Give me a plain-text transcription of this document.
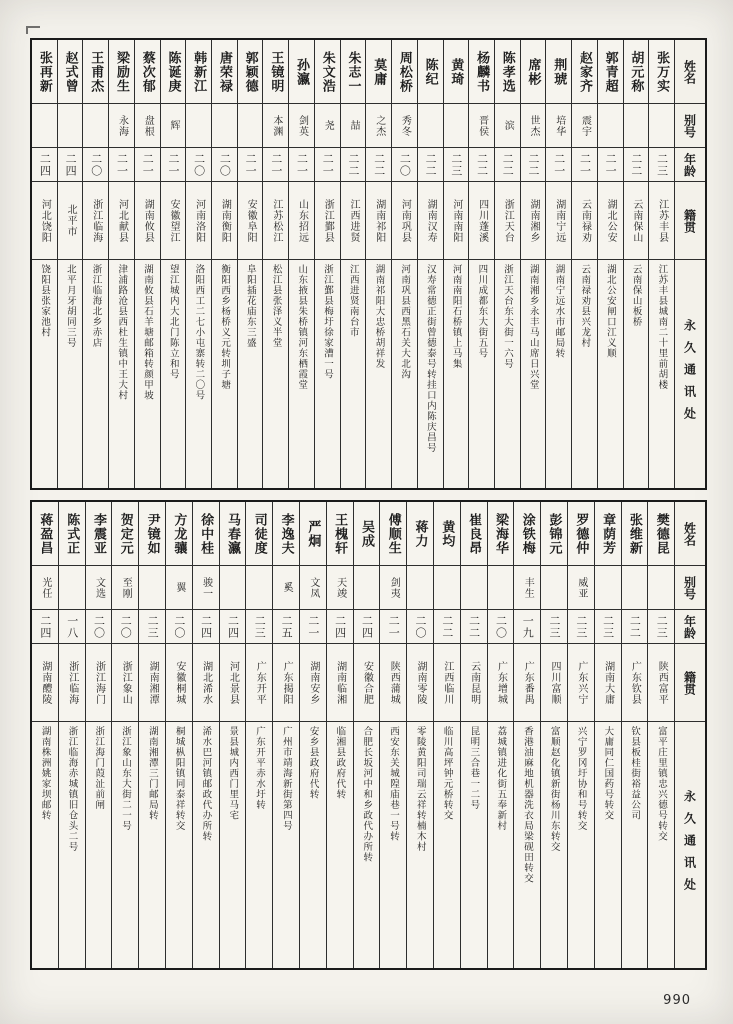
张再新
二四
河北饶阳
饶阳县张家池村
赵式曾
二四
北平市
北平月牙胡同三号
王甫杰
二〇
浙江临海
浙江临海北乡赤店
梁励生
永海
二一
河北献县
津浦路沧县西杜生镇中王大村
蔡次郁
盘根
二一
湖南攸县
湖南攸县石羊塘邮箱转颜甲坡
陈诞庚
辉
二一
安徽望江
望江城内大北门陈立和号
韩新江
二〇
河南洛阳
洛阳西工二七小屯寨转二〇号
唐荣禄
二〇
湖南衡阳
衡阳西乡杨桥义元转圳子塘
郭颖德
二一
安徽阜阳
阜阳插花庙东三盛
王镜明
本渊
二一
江苏松江
松江县张泽义半堂
孙瀛
剑英
二一
山东招远
山东掖县朱桥镇河东栖霞堂
朱文浩
尧
二一
浙江鄞县
浙江鄞县梅圩徐家漕一号
朱志一
喆
二二
江西进贤
江西进贤南台市
莫庸
之杰
二二
湖南祁阳
湖南祁阳大忠桥胡祥发
周松桥
秀冬
二〇
河南巩县
河南巩县西黑石关大北沟
陈纪
二二
湖南汉寿
汉寿常德正街曾德泰号转挂口内陈庆昌号
黄琦
二三
河南南阳
河南南阳石桥镇上马集
杨麟书
晋侯
二二
四川蓬溪
四川成都东大街五号
陈孝选
滨
二二
浙江天台
浙江天台东大街一六号
席彬
世杰
二二
湖南湘乡
湖南湘乡永丰马山席日兴堂
荆琥
培华
二一
湖南宁远
湖南宁远水市邮局转
赵家齐
震宇
二一
云南禄劝
云南禄劝县兴龙村
郭青超
二一
湖北公安
湖北公安闸口江义顺
胡元称
二二
云南保山
云南保山板桥
张万实
二三
江苏丰县
江苏丰县城南二十里前胡楼
姓名
别号
年龄
籍贯
永久通讯处
蒋盈昌
光任
二四
湖南醴陵
湖南株洲姚家坝邮转
陈式正
一八
浙江临海
浙江临海赤城镇旧仓头二号
李震亚
文选
二〇
浙江海门
浙江海门葭沚前闸
贺定元
至刚
二〇
浙江象山
浙江象山东大街二一号
尹镜如
二三
湖南湘潭
湖南湘潭三门邮局转
方龙骧
翼
二〇
安徽桐城
桐城枞阳镇同泰祥转交
徐中桂
骏一
二四
湖北浠水
浠水巴河镇邮政代办所转
马春瀛
二四
河北景县
景县城内西门里马宅
司徒度
二三
广东开平
广东开平赤水圩转
李逸夫
奚
二五
广东揭阳
广州市靖海新街第四号
严炯
文凤
二一
湖南安乡
安乡县政府代转
王槐轩
天竣
二四
湖南临湘
临湘县政府代转
吴成
二四
安徽合肥
合肥长坂河中和乡政代办所转
傅顺生
剑夷
二一
陕西蒲城
西安东关城隍庙巷一号转
蒋力
二〇
湖南零陵
零陵黄阳司瑞云祥转楠木村
黄均
二二
江西临川
临川高坪钟元桥转交
崔良昂
二二
云南昆明
昆明三合巷一二号
梁海华
二〇
广东增城
荔城镇进化街五奉新村
涂铁梅
丰生
一九
广东番禺
香港油麻地机器洗衣局梁砚田转交
彭锦元
二三
四川富顺
富顺赵化镇新街杨川东转交
罗德仲
威亚
二三
广东兴宁
兴宁罗冈圩协和号转交
章荫芳
二三
湖南大庸
大庸同仁国药号转交
张维新
二二
广东钦县
钦县板桂街裕益公司
樊德昆
二三
陕西富平
富平庄里镇忠兴德号转交
姓名
别号
年龄
籍贯
永久通讯处
990
